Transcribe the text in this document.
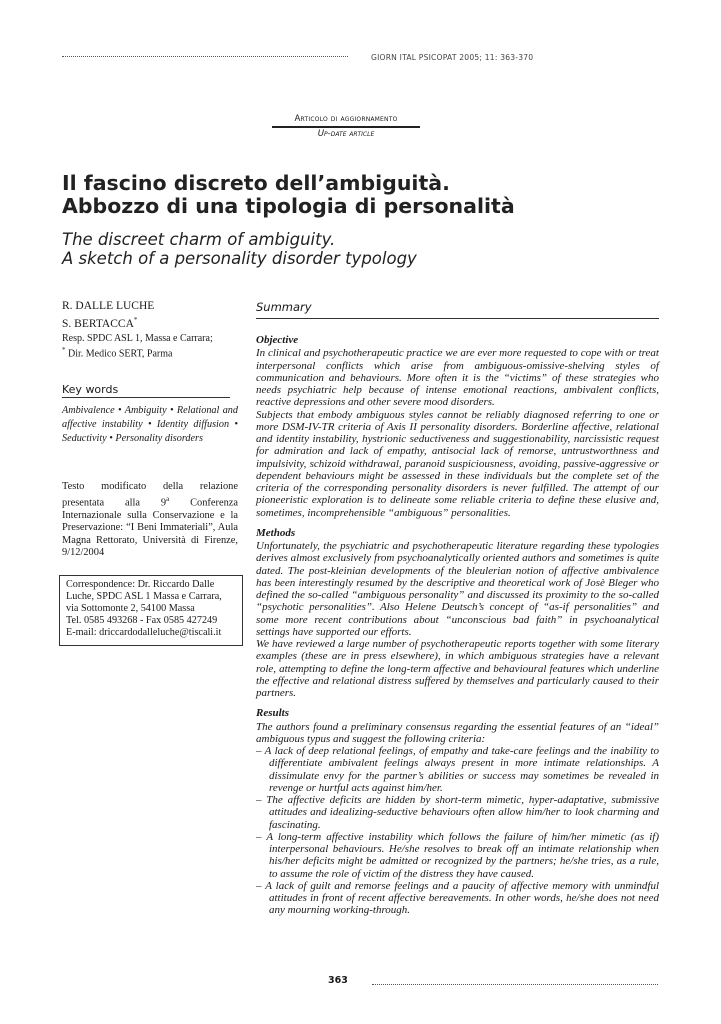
GIORN ITAL PSICOPAT 2005; 11: 363-370
Articolo di aggiornamento
Up-date article
Il fascino discreto dell’ambiguità.
Abbozzo di una tipologia di personalità
The discreet charm of ambiguity.
A sketch of a personality disorder typology
R. DALLE LUCHE
S. BERTACCA*
Resp. SPDC ASL 1, Massa e Carrara;
* Dir. Medico SERT, Parma
Key words
Ambivalence • Ambiguity • Relational and affective instability • Identity diffusion • Seductivity • Personality disorders
Testo modificato della relazione presentata alla 9$^a$ Conferenza Internazionale sulla Conservazione e la Preservazione: “I Beni Immateriali”, Aula Magna Rettorato, Università di Firenze, 9/12/2004
Correspondence: Dr. Riccardo Dalle Luche, SPDC ASL 1 Massa e Carrara, via Sottomonte 2, 54100 Massa
Tel. 0585 493268 - Fax 0585 427249
E-mail: driccardodalleluche@tiscali.it
Summary
Objective

In clinical and psychotherapeutic practice we are ever more requested to cope with or treat interpersonal conflicts which arise from ambiguous-omissive-shelving styles of communication and behaviours. More often it is the “victims” of these strategies who needs psychiatric help because of intense emotional reactions, ambivalent conflicts, reactive depressions and other severe mood disorders.

Subjects that embody ambiguous styles cannot be reliably diagnosed referring to one or more DSM-IV-TR criteria of Axis II personality disorders. Borderline affective, relational and identity instability, hystrionic seductiveness and suggestionability, narcissistic request for admiration and lack of empathy, antisocial lack of remorse, untrustworthness and impulsivity, schizoid withdrawal, paranoid suspiciousness, avoiding, passive-aggressive or dependent behaviours might be assessed in these individuals but the complete set of the criteria of the corresponding personality disorders is never fulfilled. The attempt of our pioneeristic exploration is to delineate some reliable criteria to define these elusive and, sometimes, incomprehensible “ambiguous” personalities.

Methods

Unfortunately, the psychiatric and psychotherapeutic literature regarding these typologies derives almost exclusively from psychoanalytically oriented authors and sometimes is quite dated. The post-kleinian developments of the bleulerian notion of affective ambivalence has been interestingly resumed by the descriptive and theoretical work of Josè Bleger who defined the so-called “ambiguous personality” and discussed its proximity to the so-called “psychotic personalities”. Also Helene Deutsch’s concept of “as-if personalities” and some more recent contributions about “unconscious bad faith” in psychoanalytical settings have supported our efforts.

We have reviewed a large number of psychotherapeutic reports together with some literary examples (these are in press elsewhere), in which ambiguous strategies have a relevant role, attempting to define the long-term affective and behavioural features which underline the effective and relational distress suffered by themselves and particularly caused to their partners.

Results

The authors found a preliminary consensus regarding the essential features of an “ideal” ambiguous typus and suggest the following criteria:

– A lack of deep relational feelings, of empathy and take-care feelings and the inability to differentiate ambivalent feelings always present in more intimate relationships. A dissimulate envy for the partner’s abilities or success may sometimes be revealed in revenge or hurtful acts against him/her.

– The affective deficits are hidden by short-term mimetic, hyper-adaptative, submissive attitudes and idealizing-seductive behaviours often allow him/her to look charming and fascinating.

– A long-term affective instability which follows the failure of him/her mimetic (as if) interpersonal behaviours. He/she resolves to break off an intimate relationship when his/her deficits might be admitted or recognized by the partners; he/she tries, as a rule, to assume the role of victim of the distress they have caused.

– A lack of guilt and remorse feelings and a paucity of affective memory with unmindful attitudes in front of recent affective bereavements. In other words, he/she does not need any mourning working-through.

363
